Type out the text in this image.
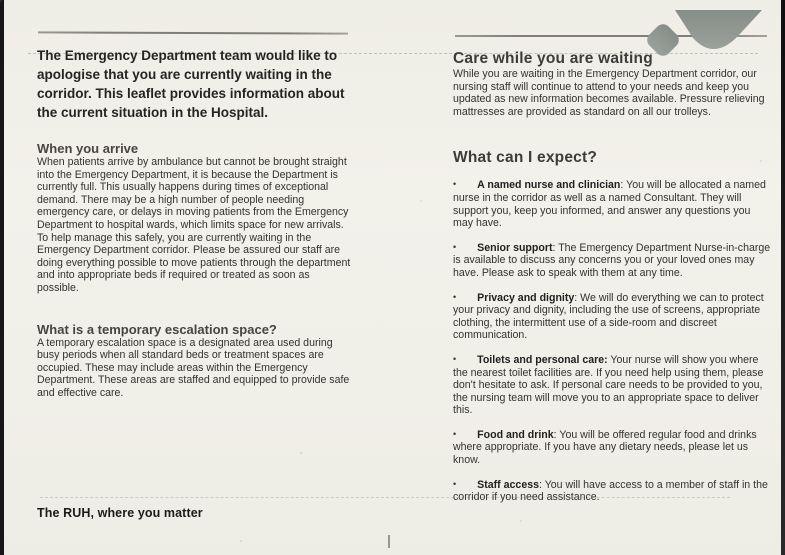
The Emergency Department team would like to apologise that you are currently waiting in the corridor. This leaflet provides information about the current situation in the Hospital.

When you arrive

When patients arrive by ambulance but cannot be brought straight into the Emergency Department, it is because the Department is currently full. This usually happens during times of exceptional demand. There may be a high number of people needing emergency care, or delays in moving patients from the Emergency Department to hospital wards, which limits space for new arrivals.

To help manage this safely, you are currently waiting in the Emergency Department corridor. Please be assured our staff are doing everything possible to move patients through the department and into appropriate beds if required or treated as soon as possible.

What is a temporary escalation space?

A temporary escalation space is a designated area used during busy periods when all standard beds or treatment spaces are occupied. These may include areas within the Emergency Department. These areas are staffed and equipped to provide safe and effective care.

The RUH, where you matter
Care while you are waiting

While you are waiting in the Emergency Department corridor, our nursing staff will continue to attend to your needs and keep you updated as new information becomes available. Pressure relieving mattresses are provided as standard on all our trolleys.

What can I expect?

• A named nurse and clinician: You will be allocated a named nurse in the corridor as well as a named Consultant. They will support you, keep you informed, and answer any questions you may have.

• Senior support: The Emergency Department Nurse-in-charge is available to discuss any concerns you or your loved ones may have. Please ask to speak with them at any time.

• Privacy and dignity: We will do everything we can to protect your privacy and dignity, including the use of screens, appropriate clothing, the intermittent use of a side-room and discreet communication.

• Toilets and personal care: Your nurse will show you where the nearest toilet facilities are. If you need help using them, please don't hesitate to ask. If personal care needs to be provided to you, the nursing team will move you to an appropriate space to deliver this.

• Food and drink: You will be offered regular food and drinks where appropriate. If you have any dietary needs, please let us know.

• Staff access: You will have access to a member of staff in the corridor if you need assistance.
